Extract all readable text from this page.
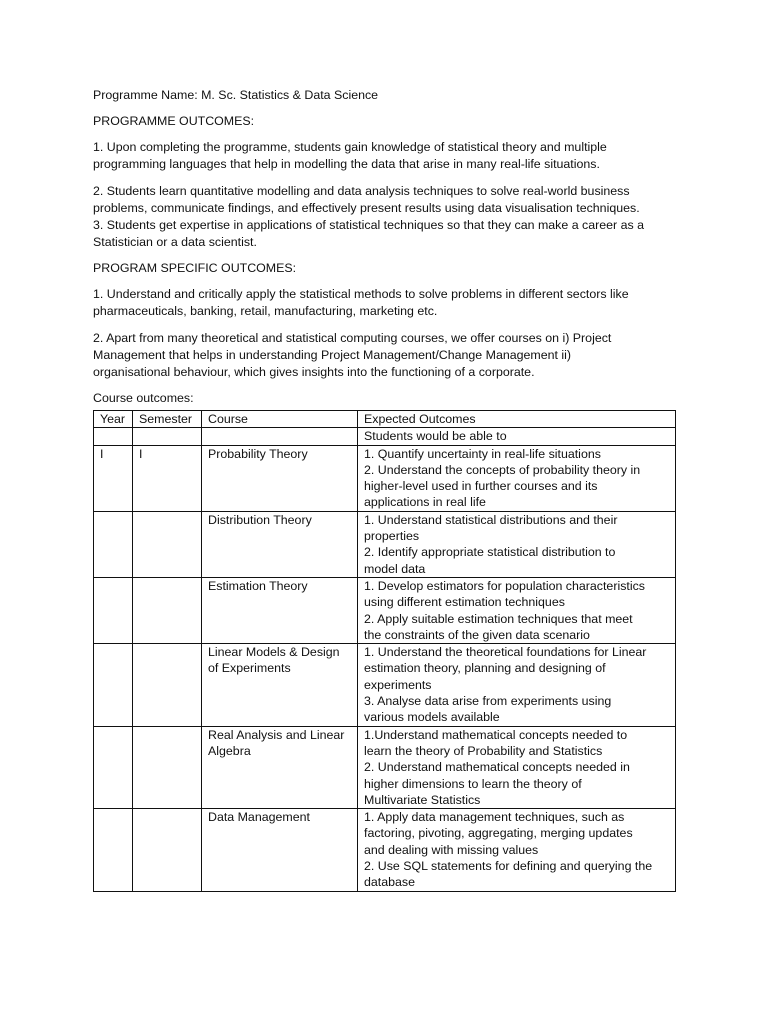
Programme Name: M. Sc. Statistics & Data Science

PROGRAMME OUTCOMES:

1. Upon completing the programme, students gain knowledge of statistical theory and multiple
programming languages that help in modelling the data that arise in many real-life situations.

2. Students learn quantitative modelling and data analysis techniques to solve real-world business
problems, communicate findings, and effectively present results using data visualisation techniques.

3. Students get expertise in applications of statistical techniques so that they can make a career as a
Statistician or a data scientist.

PROGRAM SPECIFIC OUTCOMES:

1. Understand and critically apply the statistical methods to solve problems in different sectors like
pharmaceuticals, banking, retail, manufacturing, marketing etc.

2. Apart from many theoretical and statistical computing courses, we offer courses on i) Project
Management that helps in understanding Project Management/Change Management ii)
organisational behaviour, which gives insights into the functioning of a corporate.

Course outcomes:

Year	Semester	Course	Expected Outcomes
			Students would be able to
I	I	Probability Theory	1. Quantify uncertainty in real-life situations
2. Understand the concepts of probability theory in
higher-level used in further courses and its
applications in real life

		Distribution Theory	1. Understand statistical distributions and their
properties
2. Identify appropriate statistical distribution to
model data

		Estimation Theory	1. Develop estimators for population characteristics
using different estimation techniques
2. Apply suitable estimation techniques that meet
the constraints of the given data scenario

		Linear Models & Design
of Experiments	1. Understand the theoretical foundations for Linear
estimation theory, planning and designing of
experiments
3. Analyse data arise from experiments using
various models available

		Real Analysis and Linear
Algebra	1.Understand mathematical concepts needed to
learn the theory of Probability and Statistics
2. Understand mathematical concepts needed in
higher dimensions to learn the theory of
Multivariate Statistics

		Data Management	1. Apply data management techniques, such as
factoring, pivoting, aggregating, merging updates
and dealing with missing values
2. Use SQL statements for defining and querying the
database
